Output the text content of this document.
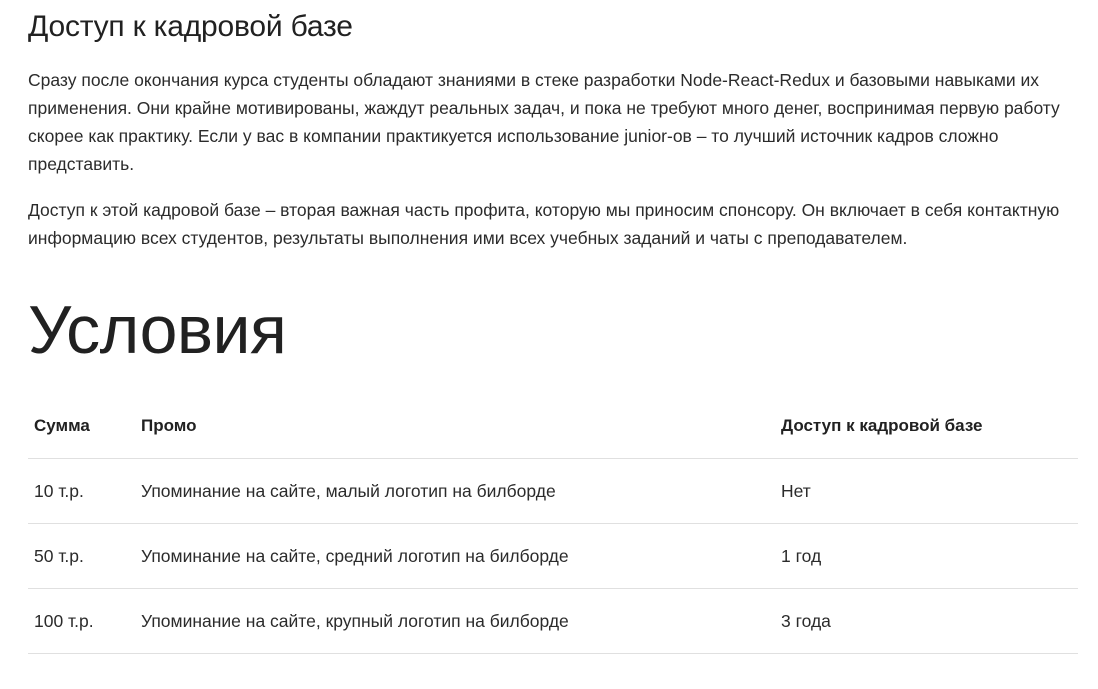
Доступ к кадровой базе

Сразу после окончания курса студенты обладают знаниями в стеке разработки Node-React-Redux и базовыми навыками их применения. Они крайне мотивированы, жаждут реальных задач, и пока не требуют много денег, воспринимая первую работу скорее как практику. Если у вас в компании практикуется использование junior-ов – то лучший источник кадров сложно представить.

Доступ к этой кадровой базе – вторая важная часть профита, которую мы приносим спонсору. Он включает в себя контактную информацию всех студентов, результаты выполнения ими всех учебных заданий и чаты с преподавателем.

Условия
Сумма	Промо	Доступ к кадровой базе
10 т.р.	Упоминание на сайте, малый логотип на билборде	Нет
50 т.р.	Упоминание на сайте, средний логотип на билборде	1 год
100 т.р.	Упоминание на сайте, крупный логотип на билборде	3 года
